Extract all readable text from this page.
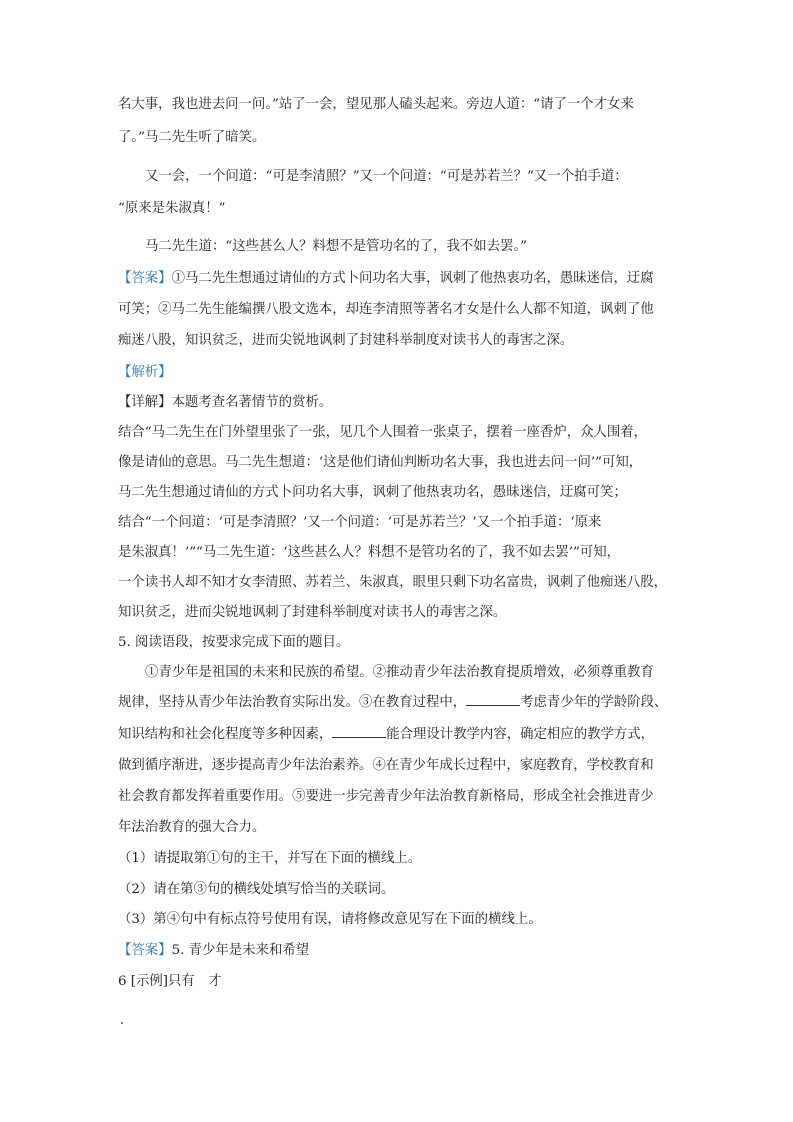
名大事，我也进去问一问。”站了一会，望见那人磕头起来。旁边人道：“请了一个才女来
了。”马二先生听了暗笑。
又一会，一个问道：“可是李清照？”又一个问道：“可是苏若兰？”又一个拍手道：
“原来是朱淑真！”
马二先生道：“这些甚么人？料想不是管功名的了，我不如去罢。”
【答案】①马二先生想通过请仙的方式卜问功名大事，讽刺了他热衷功名，愚昧迷信，迂腐
可笑；②马二先生能编撰八股文选本，却连李清照等著名才女是什么人都不知道，讽刺了他
痴迷八股，知识贫乏，进而尖锐地讽刺了封建科举制度对读书人的毒害之深。
【解析】
【详解】本题考查名著情节的赏析。
结合“马二先生在门外望里张了一张，见几个人围着一张桌子，摆着一座香炉，众人围着，
像是请仙的意思。马二先生想道：‘这是他们请仙判断功名大事，我也进去问一问’”可知，
马二先生想通过请仙的方式卜问功名大事，讽刺了他热衷功名，愚昧迷信，迂腐可笑；
结合“一个问道：‘可是李清照？’又一个问道：‘可是苏若兰？’又一个拍手道：‘原来
是朱淑真！’”“马二先生道：‘这些甚么人？料想不是管功名的了，我不如去罢’”可知，
一个读书人却不知才女李清照、苏若兰、朱淑真，眼里只剩下功名富贵，讽刺了他痴迷八股，
知识贫乏，进而尖锐地讽刺了封建科举制度对读书人的毒害之深。
5. 阅读语段，按要求完成下面的题目。
①青少年是祖国的未来和民族的希望。②推动青少年法治教育提质增效，必须尊重教育
规律，坚持从青少年法治教育实际出发。③在教育过程中，	考虑青少年的学龄阶段、
知识结构和社会化程度等多种因素，	能合理设计教学内容，确定相应的教学方式，
做到循序渐进，逐步提高青少年法治素养。④在青少年成长过程中，家庭教育，学校教育和
社会教育都发挥着重要作用。⑤要进一步完善青少年法治教育新格局，形成全社会推进青少
年法治教育的强大合力。
（1）请提取第①句的主干，并写在下面的横线上。
（2）请在第③句的横线处填写恰当的关联词。
（3）第④句中有标点符号使用有误，请将修改意见写在下面的横线上。
【答案】5. 青少年是未来和希望
6 [示例]只有　才
